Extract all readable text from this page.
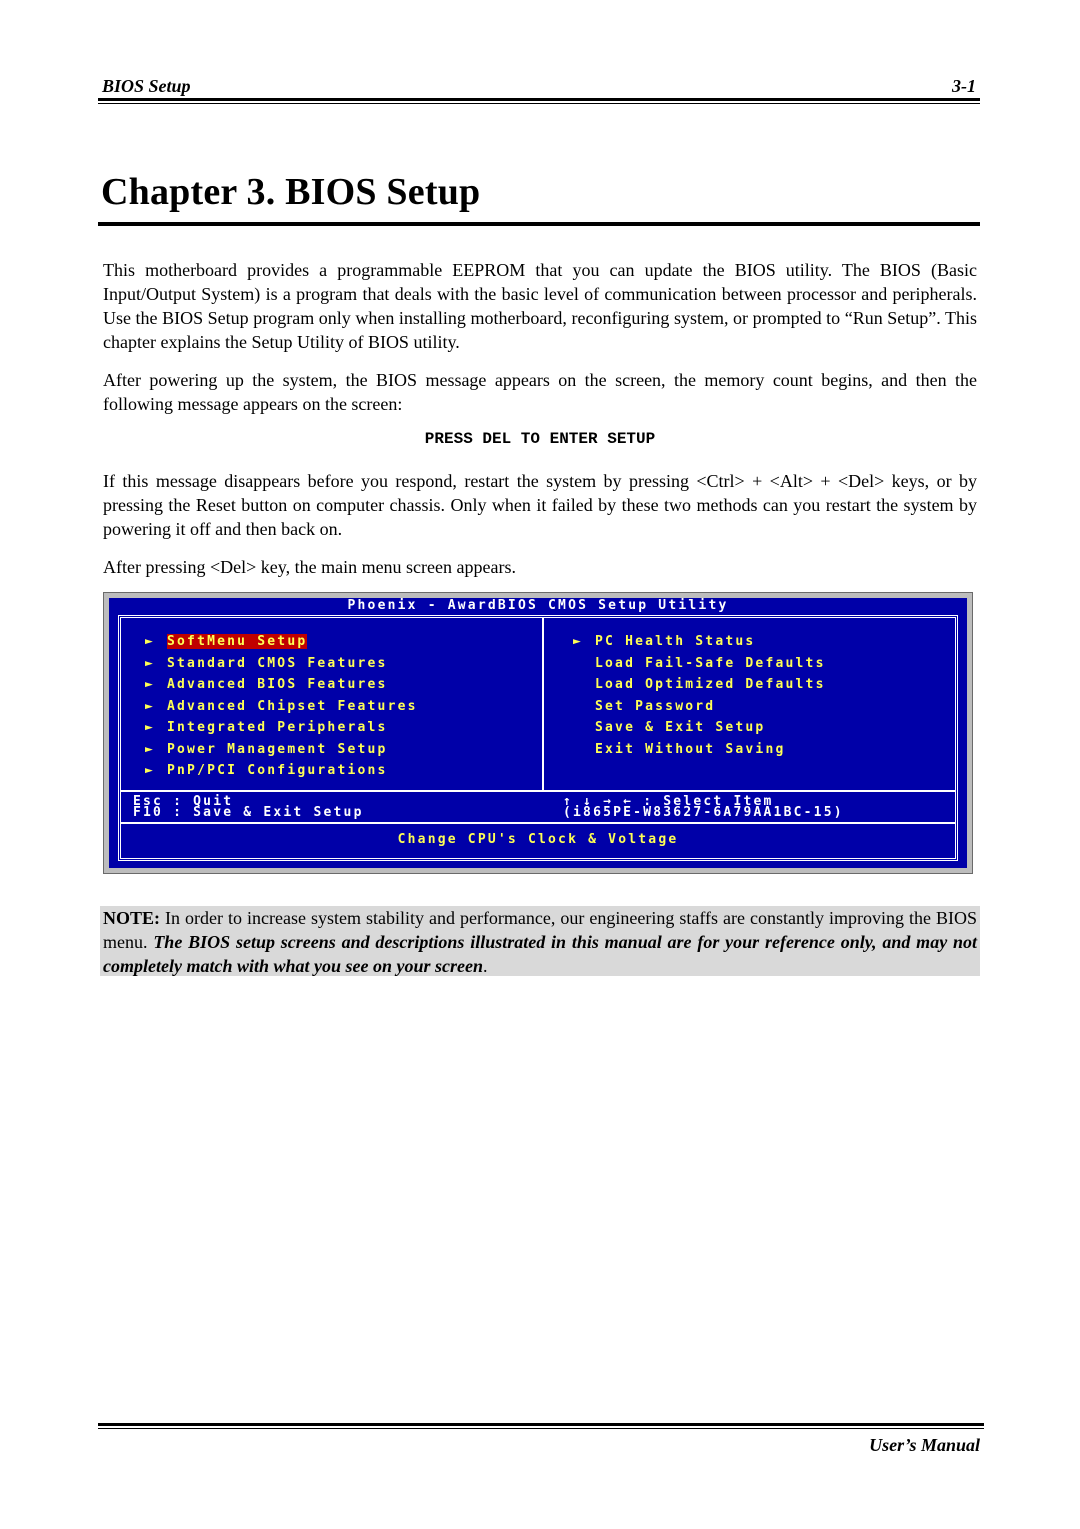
BIOS Setup	3-1
Chapter 3. BIOS Setup

This motherboard provides a programmable EEPROM that you can update the BIOS utility. The BIOS (Basic Input/Output System) is a program that deals with the basic level of communication between processor and peripherals. Use the BIOS Setup program only when installing motherboard, reconfiguring system, or prompted to “Run Setup”. This chapter explains the Setup Utility of BIOS utility.

After powering up the system, the BIOS message appears on the screen, the memory count begins, and then the following message appears on the screen:

PRESS DEL TO ENTER SETUP

If this message disappears before you respond, restart the system by pressing <Ctrl> + <Alt> + <Del> keys, or by pressing the Reset button on computer chassis. Only when it failed by these two methods can you restart the system by powering it off and then back on.

After pressing <Del> key, the main menu screen appears.

Phoenix - AwardBIOS CMOS Setup Utility
► SoftMenu Setup
► Standard CMOS Features
► Advanced BIOS Features
► Advanced Chipset Features
► Integrated Peripherals
► Power Management Setup
► PnP/PCI Configurations
► PC Health Status
Load Fail-Safe Defaults
Load Optimized Defaults
Set Password
Save & Exit Setup
Exit Without Saving
Esc : Quit
F10 : Save & Exit Setup
↑ ↓ → ← : Select Item
(i865PE-W83627-6A79AA1BC-15)
Change CPU's Clock & Voltage
NOTE: In order to increase system stability and performance, our engineering staffs are constantly improving the BIOS menu. The BIOS setup screens and descriptions illustrated in this manual are for your reference only, and may not completely match with what you see on your screen.
User’s Manual
